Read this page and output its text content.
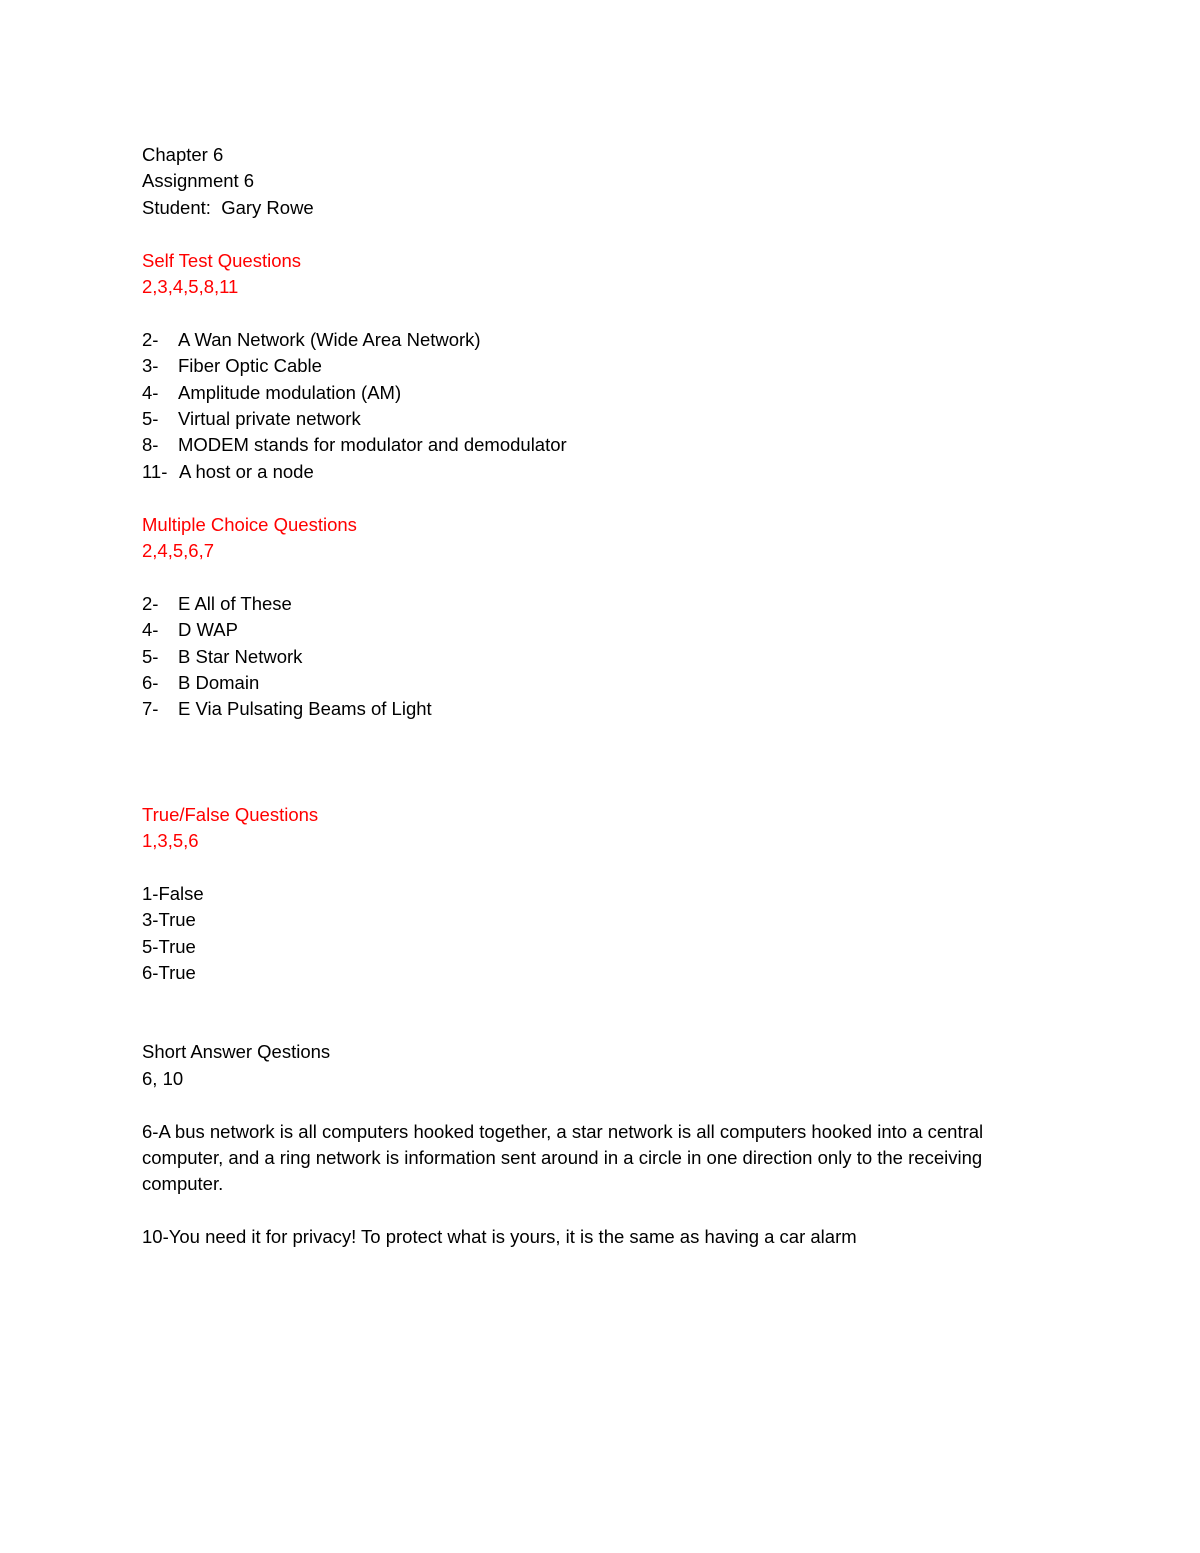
Chapter 6
Assignment 6
Student:  Gary Rowe
Self Test Questions
2,3,4,5,8,11
2-	A Wan Network (Wide Area Network)
3-	Fiber Optic Cable
4-	Amplitude modulation (AM)
5-	Virtual private network
8-	MODEM stands for modulator and demodulator
11- A host or a node
Multiple Choice Questions
2,4,5,6,7
2-	E All of These
4-	D WAP
5-	B Star Network
6-	B Domain
7-	E Via Pulsating Beams of Light
True/False Questions
1,3,5,6
1-False
3-True
5-True
6-True
Short Answer Qestions
6, 10
6-A bus network is all computers hooked together, a star network is all computers hooked into a central computer, and a ring network is information sent around in a circle in one direction only to the receiving computer.
10-You need it for privacy! To protect what is yours, it is the same as having a car alarm
